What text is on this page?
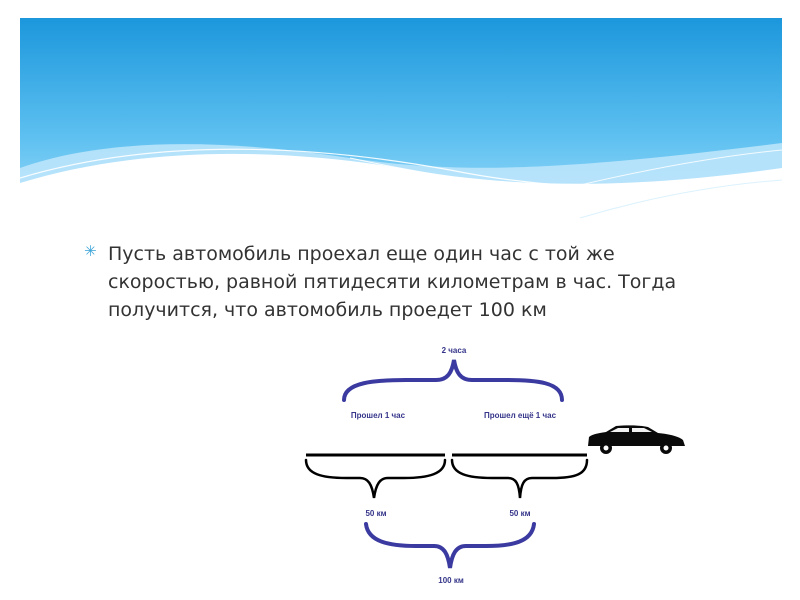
✳ Пусть автомобиль проехал еще один час с той же скоростью, равной пятидесяти километрам в час. Тогда получится, что автомобиль проедет 100 км
2 часа
Прошел 1 час	Прошел ещё 1 час
50 км	50 км
100 км
